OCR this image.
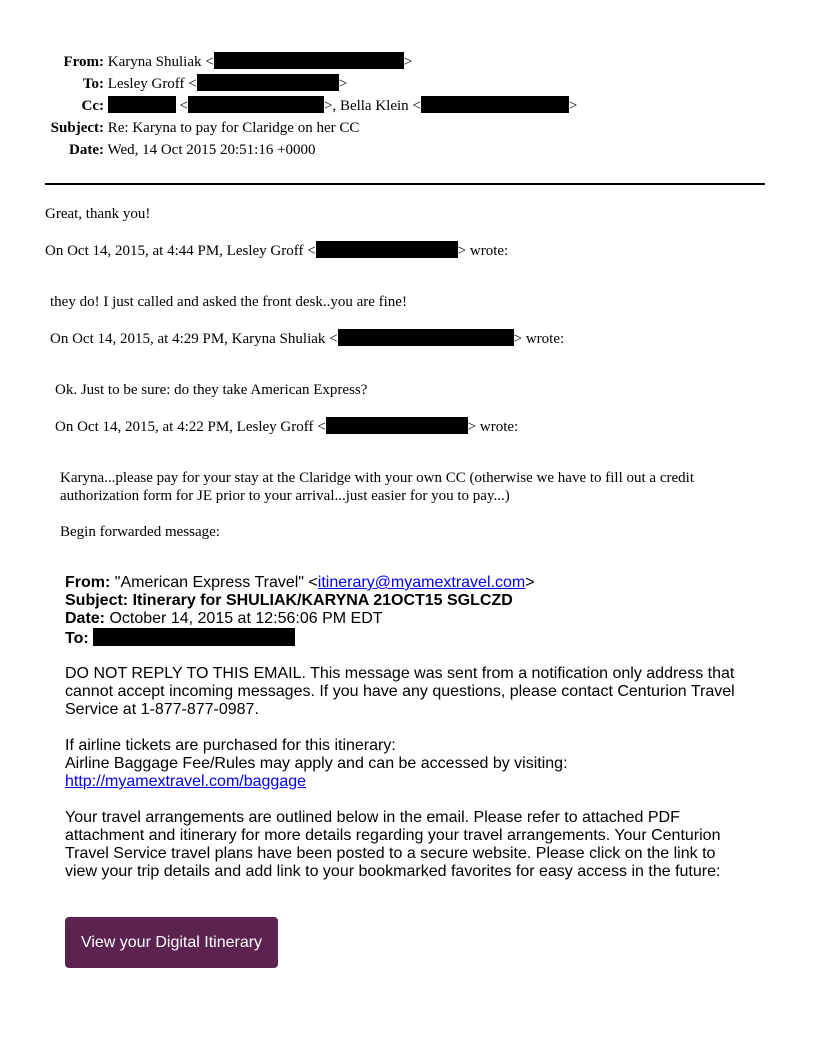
From: Karyna Shuliak <	>
To: Lesley Groff <	>
Cc:	<	>, Bella Klein <	>
Subject: Re: Karyna to pay for Claridge on her CC
Date: Wed, 14 Oct 2015 20:51:16 +0000
Great, thank you!
On Oct 14, 2015, at 4:44 PM, Lesley Groff <	> wrote:
they do! I just called and asked the front desk..you are fine!
On Oct 14, 2015, at 4:29 PM, Karyna Shuliak <	> wrote:
Ok. Just to be sure: do they take American Express?
On Oct 14, 2015, at 4:22 PM, Lesley Groff <	> wrote:
Karyna...please pay for your stay at the Claridge with your own CC (otherwise we have to fill out a credit
authorization form for JE prior to your arrival...just easier for you to pay...)
Begin forwarded message:
From: "American Express Travel" <itinerary@myamextravel.com>
Subject: Itinerary for SHULIAK/KARYNA 21OCT15 SGLCZD
Date: October 14, 2015 at 12:56:06 PM EDT
To:
DO NOT REPLY TO THIS EMAIL. This message was sent from a notification only address that
cannot accept incoming messages. If you have any questions, please contact Centurion Travel
Service at 1-877-877-0987.
If airline tickets are purchased for this itinerary:
Airline Baggage Fee/Rules may apply and can be accessed by visiting:
http://myamextravel.com/baggage
Your travel arrangements are outlined below in the email. Please refer to attached PDF
attachment and itinerary for more details regarding your travel arrangements. Your Centurion
Travel Service travel plans have been posted to a secure website. Please click on the link to
view your trip details and add link to your bookmarked favorites for easy access in the future:
View your Digital Itinerary
